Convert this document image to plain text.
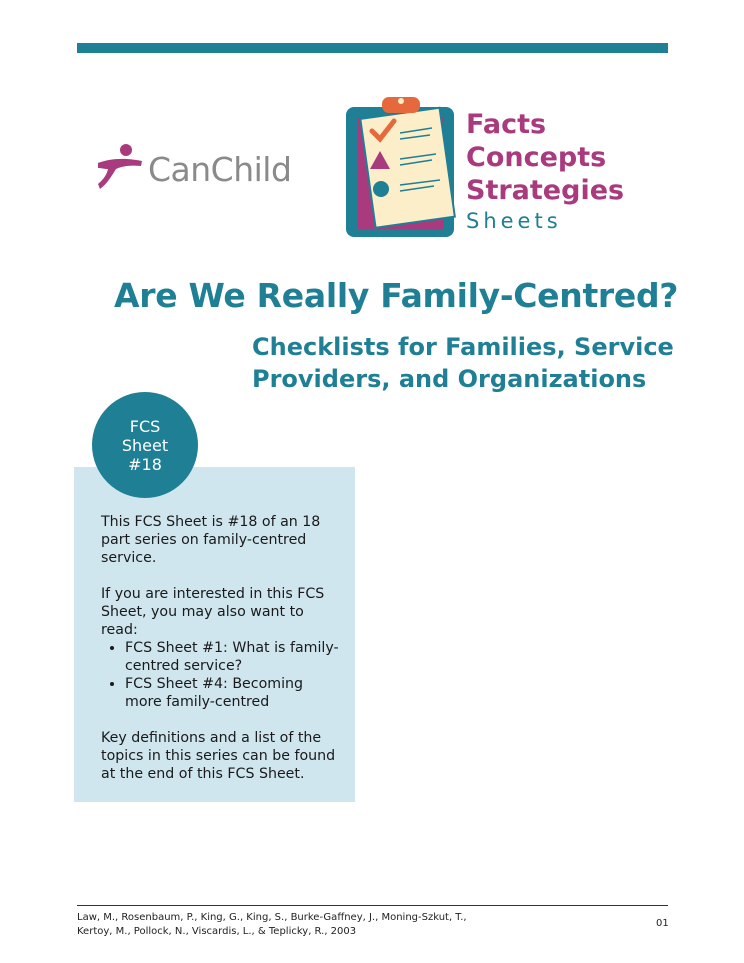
CanChild
Facts
Concepts
Strategies
Sheets
Are We Really Family-Centred?
Checklists for Families, Service Providers, and Organizations
FCS
Sheet
#18

This FCS Sheet is #18 of an 18 part series on family-centred service.

If you are interested in this FCS Sheet, you may also want to read:

• FCS Sheet #1: What is family-centred service?
• FCS Sheet #4: Becoming more family-centred

Key definitions and a list of the topics in this series can be found at the end of this FCS Sheet.

Law, M., Rosenbaum, P., King, G., King, S., Burke-Gaffney, J., Moning-Szkut, T.,
Kertoy, M., Pollock, N., Viscardis, L., & Teplicky, R., 2003
01
